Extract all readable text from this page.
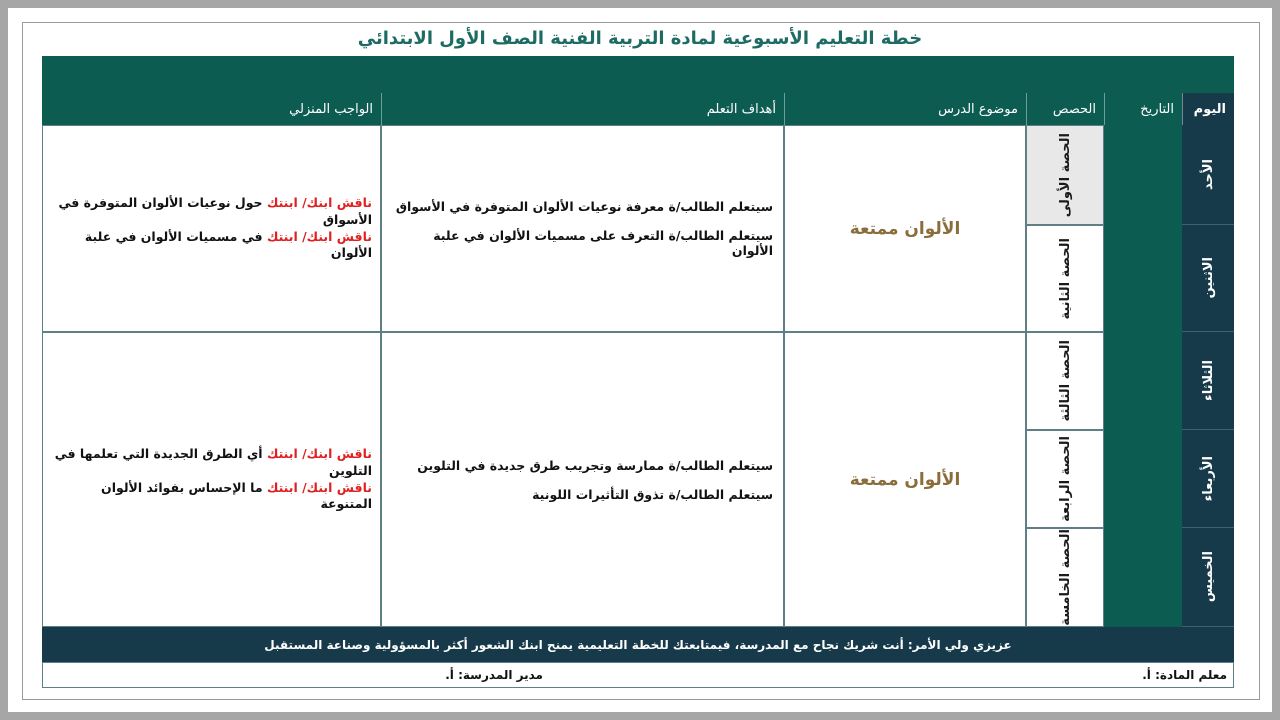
خطة التعليم الأسبوعية لمادة التربية الفنية الصف الأول الابتدائي
اليوم
التاريخ
الحصص
موضوع الدرس
أهداف التعلم
الواجب المنزلي
الأحد
الاثنين
الثلاثاء
الأربعاء
الخميس
الحصة الأولى
الحصة الثانية
الحصة الثالثة
الحصة الرابعة
الحصة الخامسة
الألوان ممتعة
سيتعلم الطالب/ة معرفة نوعيات الألوان المتوفرة في الأسواق
سيتعلم الطالب/ة التعرف على مسميات الألوان في علبة الألوان
ناقش ابنك/ ابنتك حول نوعيات الألوان المتوفرة في الأسواق
ناقش ابنك/ ابنتك في مسميات الألوان في علبة الألوان
الألوان ممتعة
سيتعلم الطالب/ة ممارسة وتجريب طرق جديدة في التلوين
سيتعلم الطالب/ة تذوق التأثيرات اللونية
ناقش ابنك/ ابنتك أي الطرق الجديدة التي تعلمها في التلوين
ناقش ابنك/ ابنتك ما الإحساس بفوائد الألوان المتنوعة
عزيزي ولي الأمر: أنت شريك نجاح مع المدرسة، فيمتابعتك للخطة التعليمية يمنح ابنك الشعور أكثر بالمسؤولية وصناعة المستقبل
معلم المادة: أ.
مدير المدرسة: أ.
